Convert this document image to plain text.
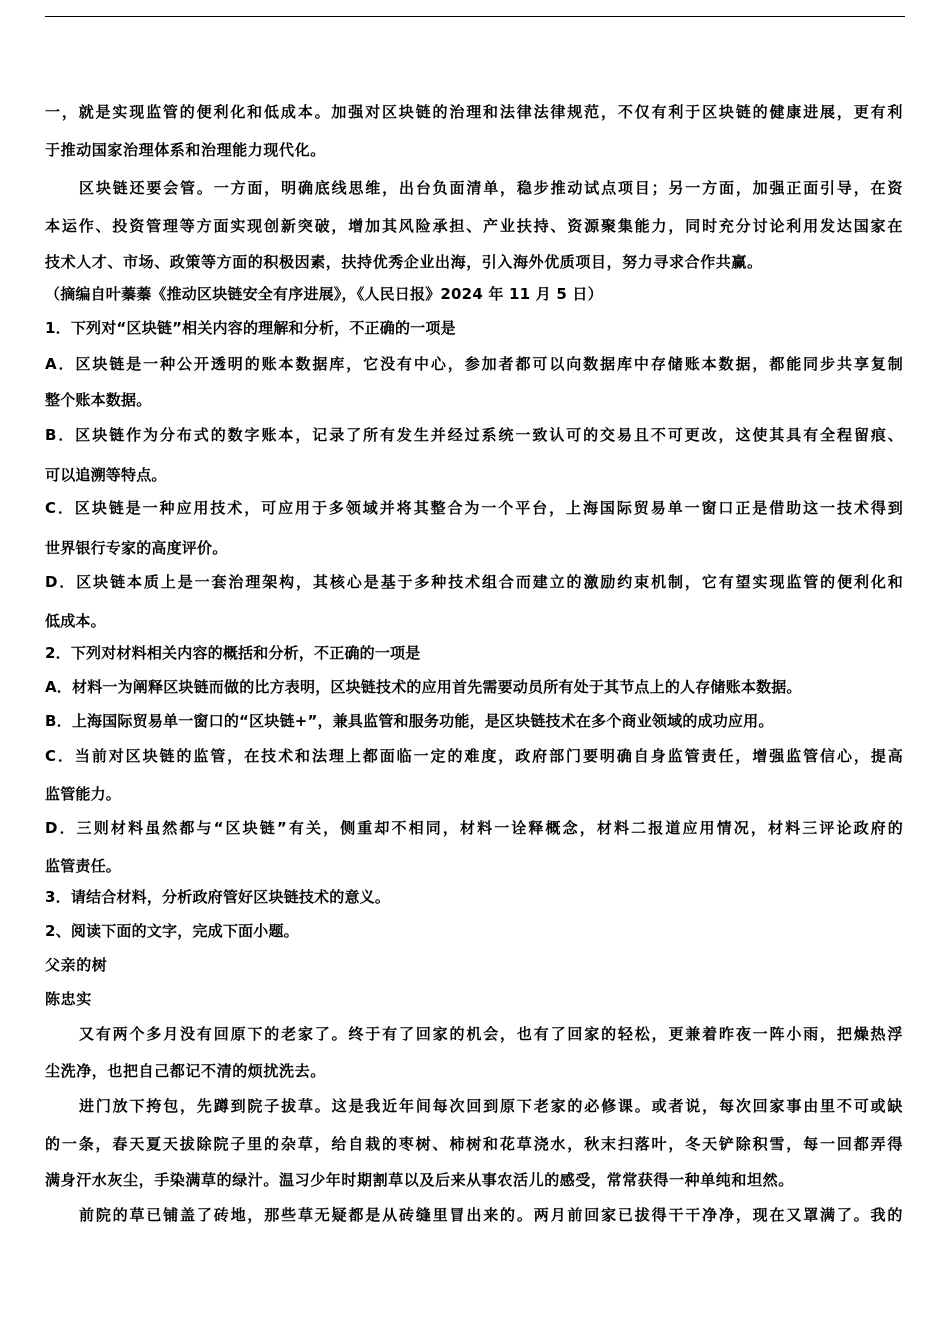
一，就是实现监管的便利化和低成本。加强对区块链的治理和法律法律规范，不仅有利于区块链的健康进展，更有利
于推动国家治理体系和治理能力现代化。
区块链还要会管。一方面，明确底线思维，出台负面清单，稳步推动试点项目；另一方面，加强正面引导，在资
本运作、投资管理等方面实现创新突破，增加其风险承担、产业扶持、资源聚集能力，同时充分讨论利用发达国家在
技术人才、市场、政策等方面的积极因素，扶持优秀企业出海，引入海外优质项目，努力寻求合作共赢。
（摘编自叶蓁蓁《推动区块链安全有序进展》，《人民日报》2024 年 11 月 5 日）
1．下列对“区块链”相关内容的理解和分析，不正确的一项是
A．区块链是一种公开透明的账本数据库，它没有中心，参加者都可以向数据库中存储账本数据，都能同步共享复制
整个账本数据。
B．区块链作为分布式的数字账本，记录了所有发生并经过系统一致认可的交易且不可更改，这使其具有全程留痕、
可以追溯等特点。
C．区块链是一种应用技术，可应用于多领域并将其整合为一个平台，上海国际贸易单一窗口正是借助这一技术得到
世界银行专家的高度评价。
D．区块链本质上是一套治理架构，其核心是基于多种技术组合而建立的激励约束机制，它有望实现监管的便利化和
低成本。
2．下列对材料相关内容的概括和分析，不正确的一项是
A．材料一为阐释区块链而做的比方表明，区块链技术的应用首先需要动员所有处于其节点上的人存储账本数据。
B．上海国际贸易单一窗口的“区块链+”，兼具监管和服务功能，是区块链技术在多个商业领域的成功应用。
C．当前对区块链的监管，在技术和法理上都面临一定的难度，政府部门要明确自身监管责任，增强监管信心，提高
监管能力。
D．三则材料虽然都与“区块链”有关，侧重却不相同，材料一诠释概念，材料二报道应用情况，材料三评论政府的
监管责任。
3．请结合材料，分析政府管好区块链技术的意义。
2、阅读下面的文字，完成下面小题。
父亲的树
陈忠实
又有两个多月没有回原下的老家了。终于有了回家的机会，也有了回家的轻松，更兼着昨夜一阵小雨，把燥热浮
尘洗净，也把自己都记不清的烦扰洗去。
进门放下挎包，先蹲到院子拔草。这是我近年间每次回到原下老家的必修课。或者说，每次回家事由里不可或缺
的一条，春天夏天拔除院子里的杂草，给自栽的枣树、柿树和花草浇水，秋末扫落叶，冬天铲除积雪，每一回都弄得
满身汗水灰尘，手染满草的绿汁。温习少年时期割草以及后来从事农活儿的感受，常常获得一种单纯和坦然。
前院的草已铺盖了砖地，那些草无疑都是从砖缝里冒出来的。两月前回家已拔得干干净净，现在又罩满了。我的
